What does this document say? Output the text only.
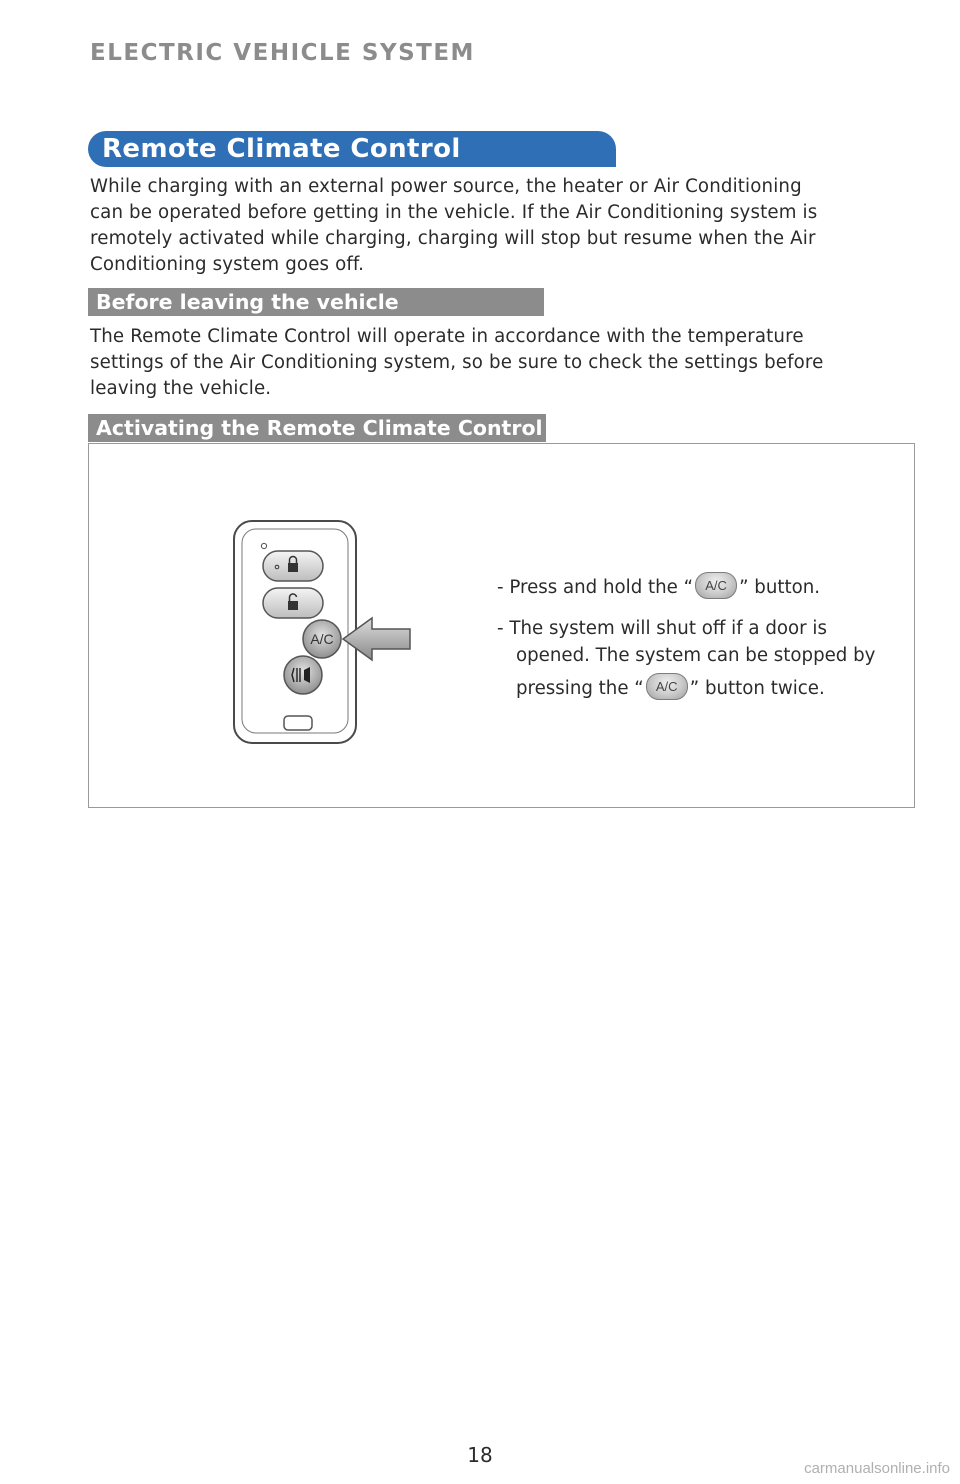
ELECTRIC VEHICLE SYSTEM
Remote Climate Control

While charging with an external power source, the heater or Air Conditioning
can be operated before getting in the vehicle. If the Air Conditioning system is
remotely activated while charging, charging will stop but resume when the Air
Conditioning system goes off.

Before leaving the vehicle

The Remote Climate Control will operate in accordance with the temperature
settings of the Air Conditioning system, so be sure to check the settings before
leaving the vehicle.

Activating the Remote Climate Control
A/C

- Press and hold the “ A/C ” button.

- The system will shut off if a door is
opened. The system can be stopped by
pressing the “ A/C ” button twice.

18
carmanualsonline.info
